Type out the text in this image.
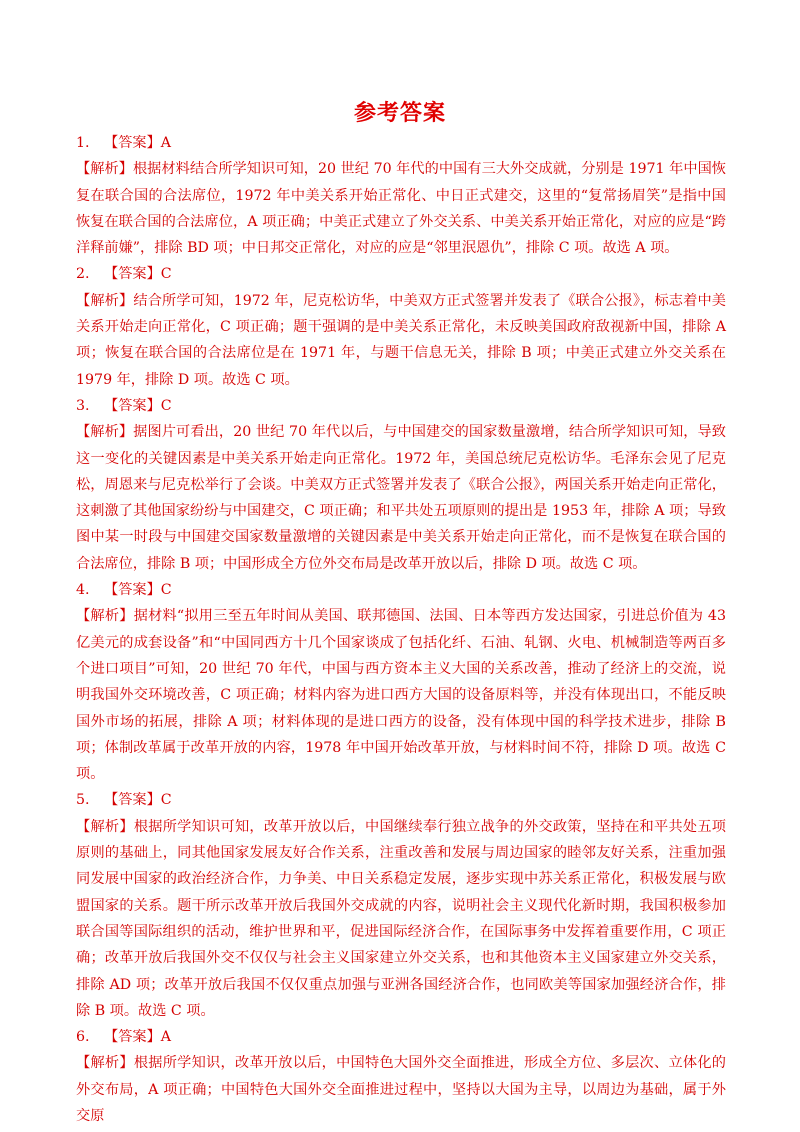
参考答案
1. 【答案】A
【解析】根据材料结合所学知识可知，20 世纪 70 年代的中国有三大外交成就，分别是 1971 年中国恢复在联合国的合法席位，1972 年中美关系开始正常化、中日正式建交，这里的“复常扬眉笑”是指中国恢复在联合国的合法席位，A 项正确；中美正式建立了外交关系、中美关系开始正常化，对应的应是“跨洋释前嫌”，排除 BD 项；中日邦交正常化，对应的应是“邻里泯恩仇”，排除 C 项。故选 A 项。
2. 【答案】C
【解析】结合所学可知，1972 年，尼克松访华，中美双方正式签署并发表了《联合公报》，标志着中美关系开始走向正常化，C 项正确；题干强调的是中美关系正常化，未反映美国政府敌视新中国，排除 A 项；恢复在联合国的合法席位是在 1971 年，与题干信息无关，排除 B 项；中美正式建立外交关系在 1979 年，排除 D 项。故选 C 项。
3. 【答案】C
【解析】据图片可看出，20 世纪 70 年代以后，与中国建交的国家数量激增，结合所学知识可知，导致这一变化的关键因素是中美关系开始走向正常化。1972 年，美国总统尼克松访华。毛泽东会见了尼克松，周恩来与尼克松举行了会谈。中美双方正式签署并发表了《联合公报》，两国关系开始走向正常化，这刺激了其他国家纷纷与中国建交，C 项正确；和平共处五项原则的提出是 1953 年，排除 A 项；导致图中某一时段与中国建交国家数量激增的关键因素是中美关系开始走向正常化，而不是恢复在联合国的合法席位，排除 B 项；中国形成全方位外交布局是改革开放以后，排除 D 项。故选 C 项。
4. 【答案】C
【解析】据材料“拟用三至五年时间从美国、联邦德国、法国、日本等西方发达国家，引进总价值为 43 亿美元的成套设备”和“中国同西方十几个国家谈成了包括化纤、石油、轧钢、火电、机械制造等两百多个进口项目”可知，20 世纪 70 年代，中国与西方资本主义大国的关系改善，推动了经济上的交流，说明我国外交环境改善，C 项正确；材料内容为进口西方大国的设备原料等，并没有体现出口，不能反映国外市场的拓展，排除 A 项；材料体现的是进口西方的设备，没有体现中国的科学技术进步，排除 B 项；体制改革属于改革开放的内容，1978 年中国开始改革开放，与材料时间不符，排除 D 项。故选 C 项。
5. 【答案】C
【解析】根据所学知识可知，改革开放以后，中国继续奉行独立战争的外交政策，坚持在和平共处五项原则的基础上，同其他国家发展友好合作关系，注重改善和发展与周边国家的睦邻友好关系，注重加强同发展中国家的政治经济合作，力争美、中日关系稳定发展，逐步实现中苏关系正常化，积极发展与欧盟国家的关系。题干所示改革开放后我国外交成就的内容，说明社会主义现代化新时期，我国积极参加联合国等国际组织的活动，维护世界和平，促进国际经济合作，在国际事务中发挥着重要作用，C 项正确；改革开放后我国外交不仅仅与社会主义国家建立外交关系，也和其他资本主义国家建立外交关系，排除 AD 项；改革开放后我国不仅仅重点加强与亚洲各国经济合作，也同欧美等国家加强经济合作，排除 B 项。故选 C 项。
6. 【答案】A
【解析】根据所学知识，改革开放以后，中国特色大国外交全面推进，形成全方位、多层次、立体化的外交布局，A 项正确；中国特色大国外交全面推进过程中，坚持以大国为主导，以周边为基础，属于外交原
